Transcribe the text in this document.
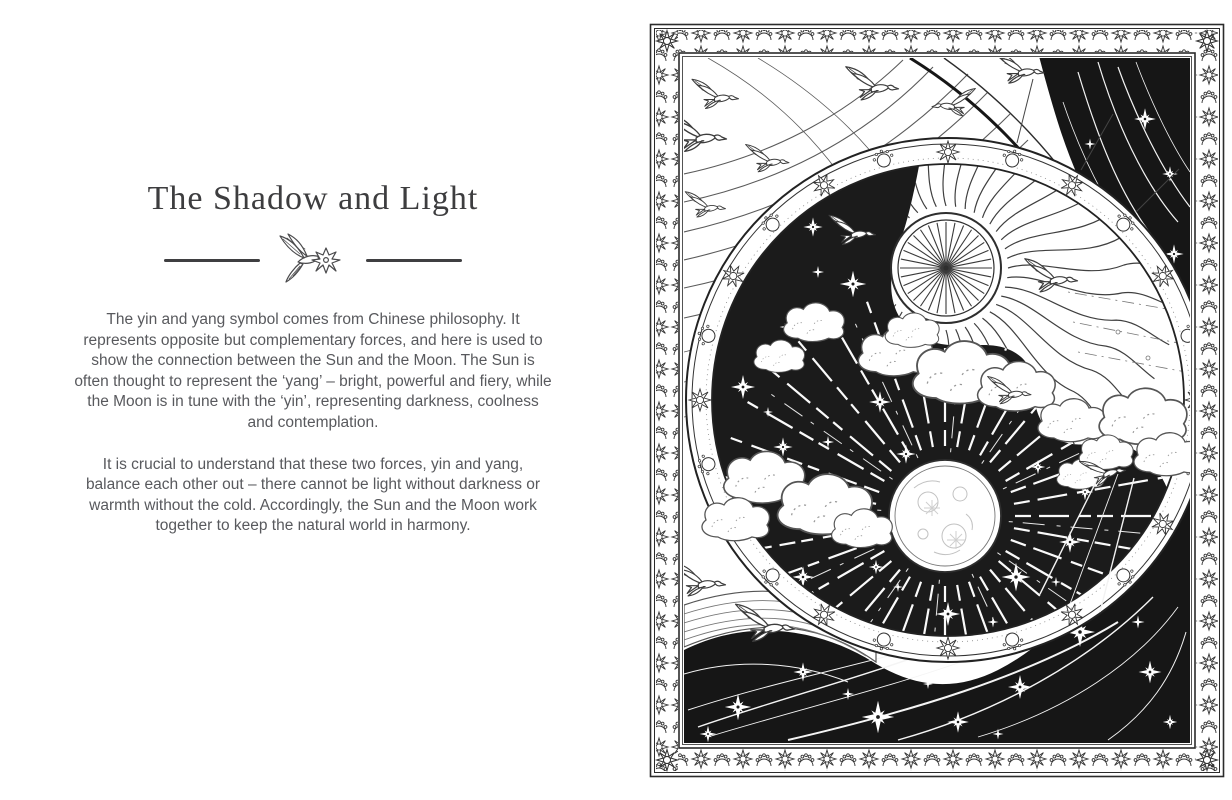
The Shadow and Light

The yin and yang symbol comes from Chinese philosophy. It represents opposite but complementary forces, and here is used to show the connection between the Sun and the Moon. The Sun is often thought to represent the ‘yang’ – bright, powerful and fiery, while the Moon is in tune with the ‘yin’, representing darkness, coolness and contemplation.

It is crucial to understand that these two forces, yin and yang, balance each other out – there cannot be light without darkness or warmth without the cold. Accordingly, the Sun and the Moon work together to keep the natural world in harmony.
